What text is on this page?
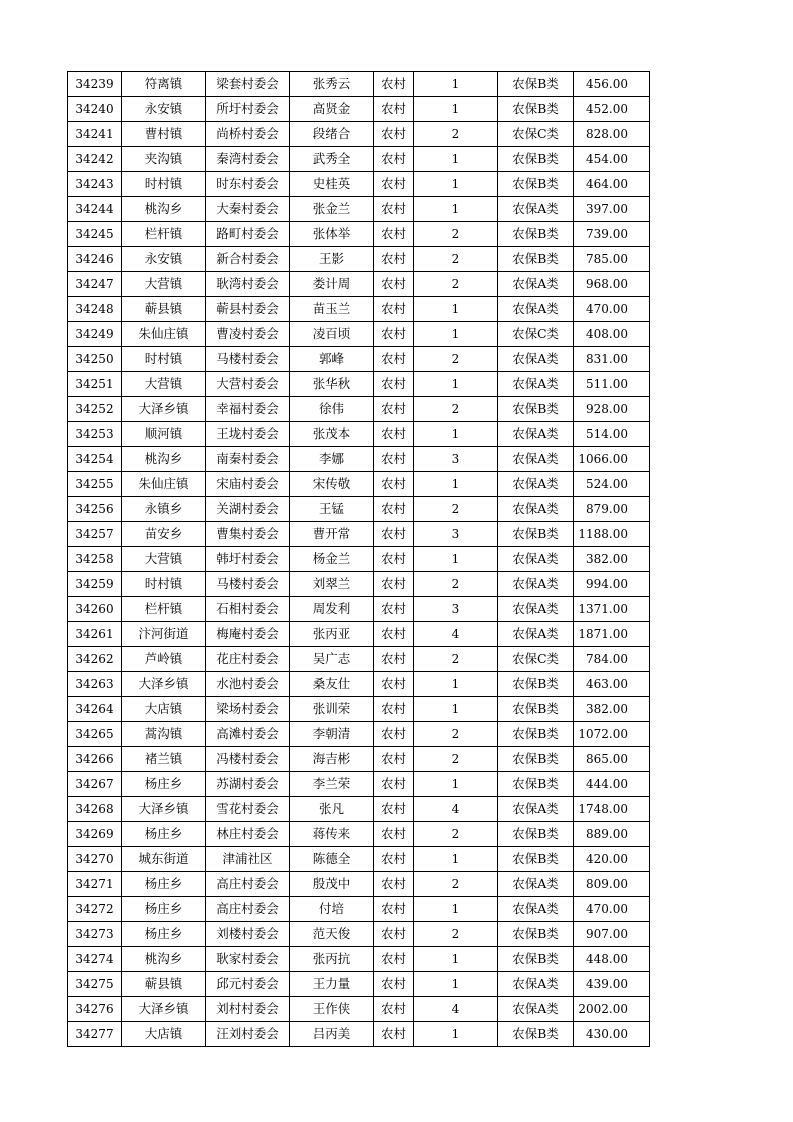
34239	符离镇	梁套村委会	张秀云	农村	1	农保B类	456.00
34240	永安镇	所圩村委会	高贤金	农村	1	农保B类	452.00
34241	曹村镇	尚桥村委会	段绪合	农村	2	农保C类	828.00
34242	夹沟镇	秦湾村委会	武秀全	农村	1	农保B类	454.00
34243	时村镇	时东村委会	史桂英	农村	1	农保B类	464.00
34244	桃沟乡	大秦村委会	张金兰	农村	1	农保A类	397.00
34245	栏杆镇	路町村委会	张体举	农村	2	农保B类	739.00
34246	永安镇	新合村委会	王影	农村	2	农保B类	785.00
34247	大营镇	耿湾村委会	娄计周	农村	2	农保A类	968.00
34248	蕲县镇	蕲县村委会	苗玉兰	农村	1	农保A类	470.00
34249	朱仙庄镇	曹凌村委会	凌百顷	农村	1	农保C类	408.00
34250	时村镇	马楼村委会	郭峰	农村	2	农保A类	831.00
34251	大营镇	大营村委会	张华秋	农村	1	农保A类	511.00
34252	大泽乡镇	幸福村委会	徐伟	农村	2	农保B类	928.00
34253	顺河镇	王垅村委会	张茂本	农村	1	农保A类	514.00
34254	桃沟乡	南秦村委会	李娜	农村	3	农保A类	1066.00
34255	朱仙庄镇	宋庙村委会	宋传敬	农村	1	农保A类	524.00
34256	永镇乡	关湖村委会	王锰	农村	2	农保A类	879.00
34257	苗安乡	曹集村委会	曹开常	农村	3	农保B类	1188.00
34258	大营镇	韩圩村委会	杨金兰	农村	1	农保A类	382.00
34259	时村镇	马楼村委会	刘翠兰	农村	2	农保A类	994.00
34260	栏杆镇	石相村委会	周发利	农村	3	农保A类	1371.00
34261	汴河街道	梅庵村委会	张丙亚	农村	4	农保A类	1871.00
34262	芦岭镇	花庄村委会	吴广志	农村	2	农保C类	784.00
34263	大泽乡镇	水池村委会	桑友仕	农村	1	农保B类	463.00
34264	大店镇	梁场村委会	张训荣	农村	1	农保B类	382.00
34265	蒿沟镇	高滩村委会	李朝清	农村	2	农保B类	1072.00
34266	褚兰镇	冯楼村委会	海吉彬	农村	2	农保B类	865.00
34267	杨庄乡	苏湖村委会	李兰荣	农村	1	农保B类	444.00
34268	大泽乡镇	雪花村委会	张凡	农村	4	农保A类	1748.00
34269	杨庄乡	林庄村委会	蒋传来	农村	2	农保B类	889.00
34270	城东街道	津浦社区	陈德全	农村	1	农保B类	420.00
34271	杨庄乡	高庄村委会	殷茂中	农村	2	农保A类	809.00
34272	杨庄乡	高庄村委会	付培	农村	1	农保A类	470.00
34273	杨庄乡	刘楼村委会	范天俊	农村	2	农保B类	907.00
34274	桃沟乡	耿家村委会	张丙抗	农村	1	农保B类	448.00
34275	蕲县镇	邱元村委会	王力量	农村	1	农保A类	439.00
34276	大泽乡镇	刘村村委会	王作侠	农村	4	农保A类	2002.00
34277	大店镇	汪刘村委会	吕丙美	农村	1	农保B类	430.00
